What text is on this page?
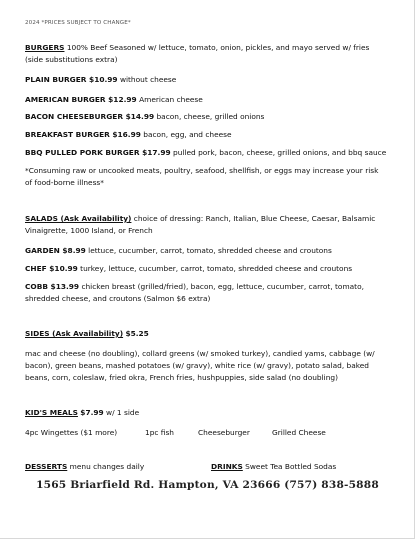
2024 *PRICES SUBJECT TO CHANGE*
BURGERS 100% Beef Seasoned w/ lettuce, tomato, onion, pickles, and mayo served w/ fries
(side substitutions extra)
PLAIN BURGER $10.99 without cheese
AMERICAN BURGER $12.99 American cheese
BACON CHEESEBURGER $14.99 bacon, cheese, grilled onions
BREAKFAST BURGER $16.99 bacon, egg, and cheese
BBQ PULLED PORK BURGER $17.99 pulled pork, bacon, cheese, grilled onions, and bbq sauce
*Consuming raw or uncooked meats, poultry, seafood, shellfish, or eggs may increase your risk
of food-borne illness*
SALADS (Ask Availability) choice of dressing: Ranch, Italian, Blue Cheese, Caesar, Balsamic
Vinaigrette, 1000 Island, or French
GARDEN $8.99 lettuce, cucumber, carrot, tomato, shredded cheese and croutons
CHEF $10.99 turkey, lettuce, cucumber, carrot, tomato, shredded cheese and croutons
COBB $13.99 chicken breast (grilled/fried), bacon, egg, lettuce, cucumber, carrot, tomato,
shredded cheese, and croutons (Salmon $6 extra)
SIDES (Ask Availability) $5.25
mac and cheese (no doubling), collard greens (w/ smoked turkey), candied yams, cabbage (w/
bacon), green beans, mashed potatoes (w/ gravy), white rice (w/ gravy), potato salad, baked
beans, corn, coleslaw, fried okra, French fries, hushpuppies, side salad (no doubling)
KID'S MEALS $7.99 w/ 1 side
4pc Wingettes ($1 more)	1pc fish	Cheeseburger	Grilled Cheese
DESSERTS menu changes daily	DRINKS Sweet Tea Bottled Sodas
1565 Briarfield Rd. Hampton, VA 23666 (757) 838-5888
